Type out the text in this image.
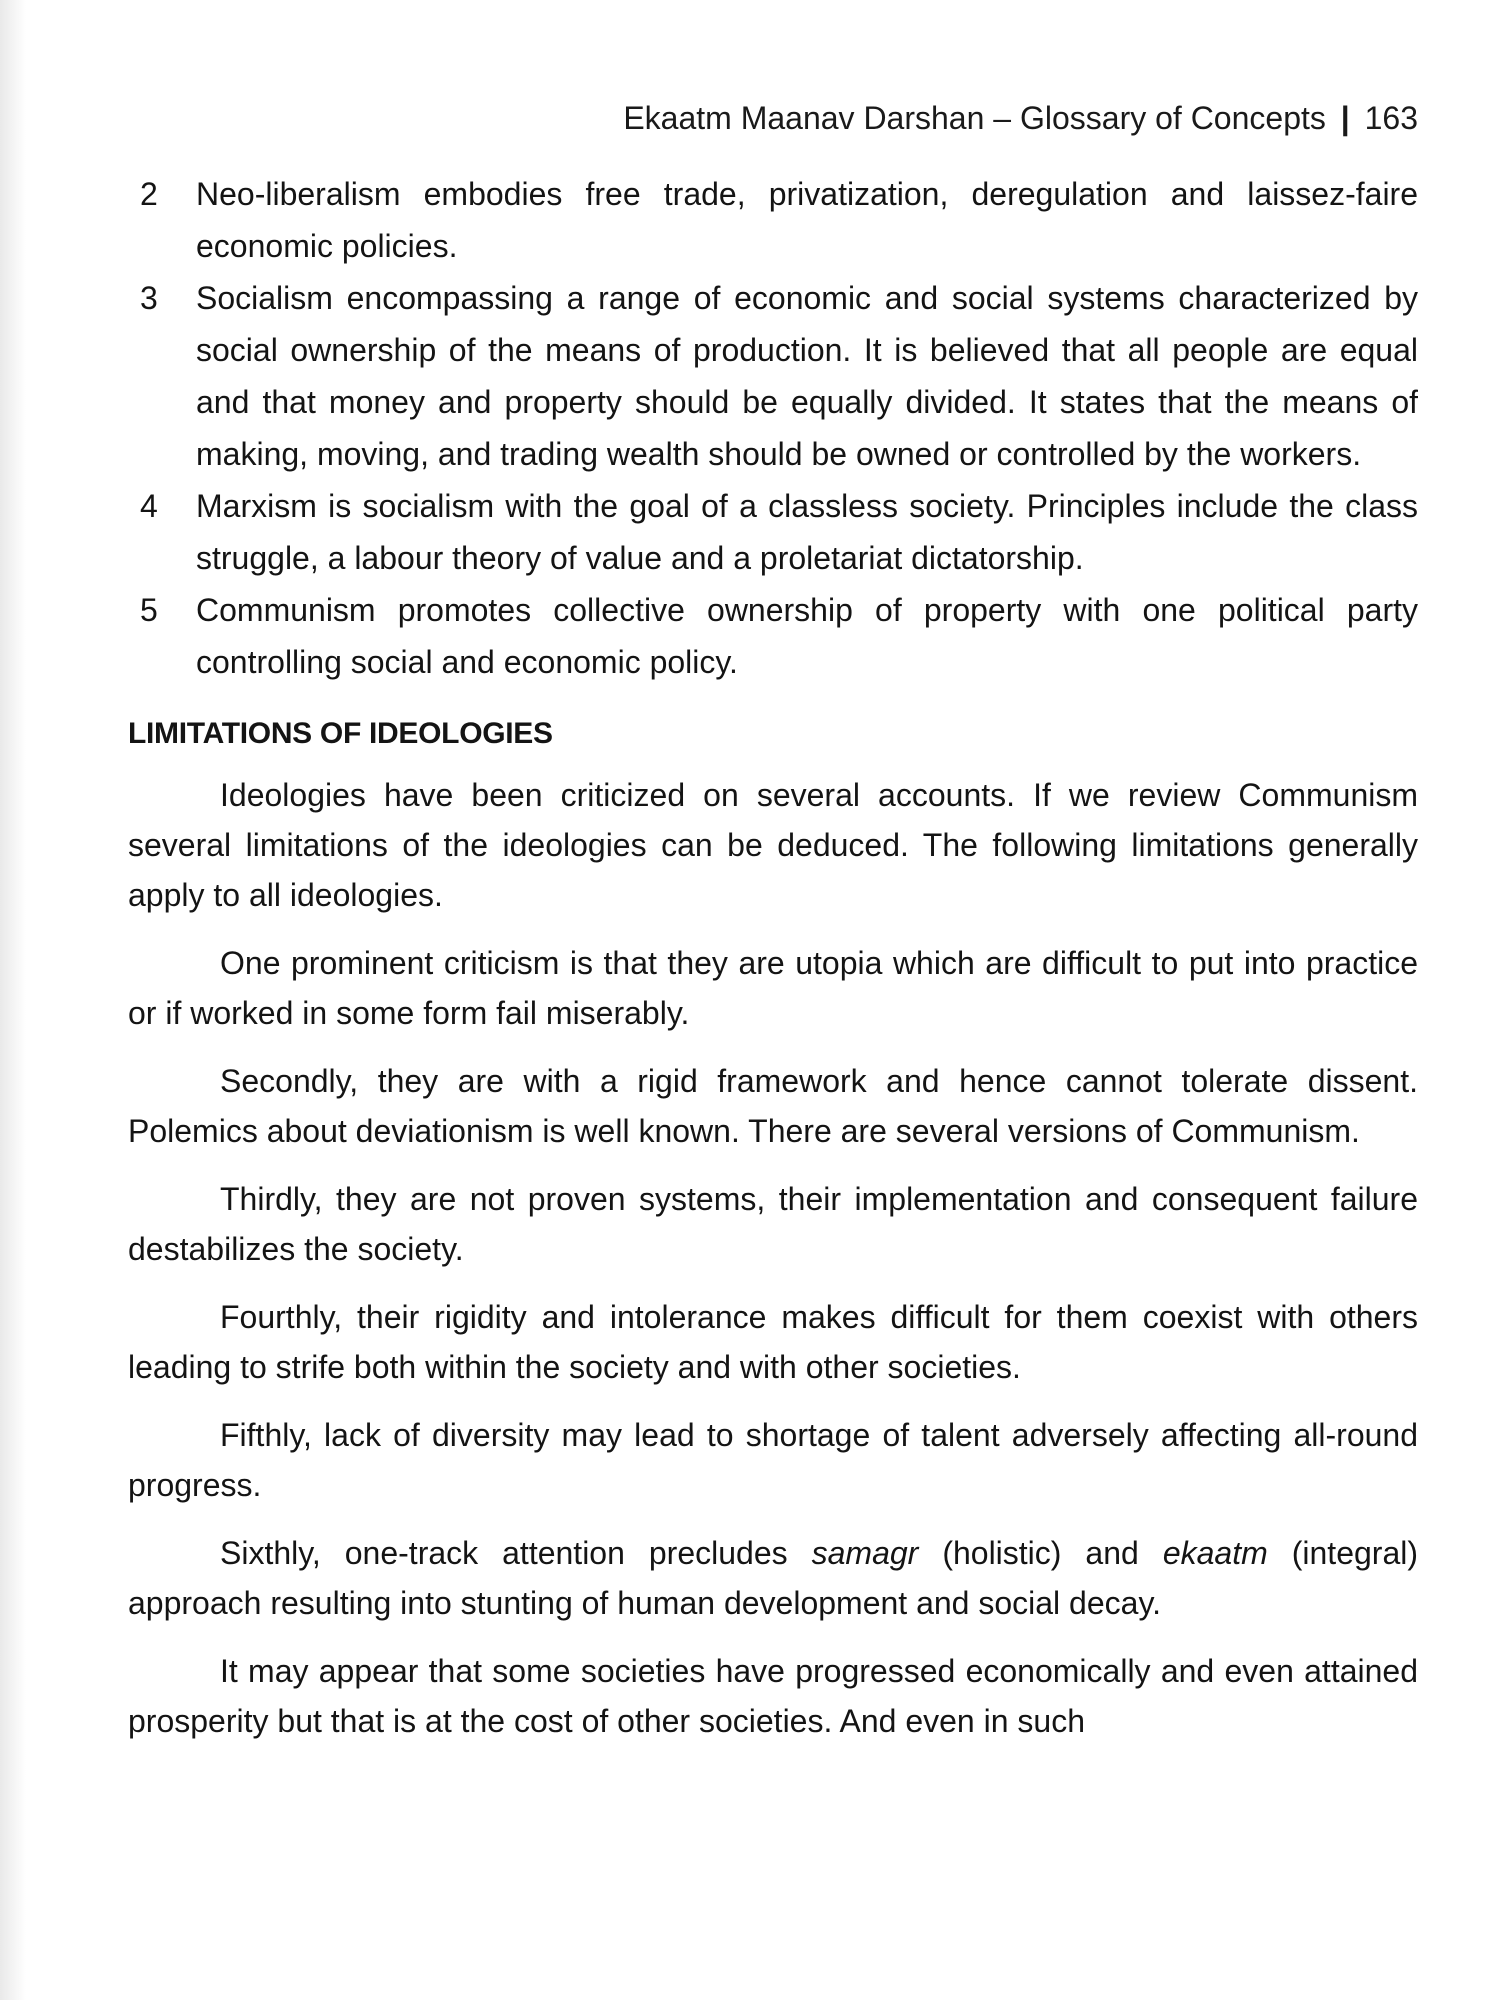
Ekaatm Maanav Darshan – Glossary of Concepts | 163
2	Neo-liberalism embodies free trade, privatization, deregulation and laissez-faire economic policies.
3	Socialism encompassing a range of economic and social systems characterized by social ownership of the means of production. It is believed that all people are equal and that money and property should be equally divided. It states that the means of making, moving, and trading wealth should be owned or controlled by the workers.
4	Marxism is socialism with the goal of a classless society. Principles include the class struggle, a labour theory of value and a proletariat dictatorship.
5	Communism promotes collective ownership of property with one political party controlling social and economic policy.
LIMITATIONS OF IDEOLOGIES

Ideologies have been criticized on several accounts. If we review Communism several limitations of the ideologies can be deduced. The following limitations generally apply to all ideologies.

One prominent criticism is that they are utopia which are difficult to put into practice or if worked in some form fail miserably.

Secondly, they are with a rigid framework and hence cannot tolerate dissent. Polemics about deviationism is well known. There are several versions of Communism.

Thirdly, they are not proven systems, their implementation and consequent failure destabilizes the society.

Fourthly, their rigidity and intolerance makes difficult for them coexist with others leading to strife both within the society and with other societies.

Fifthly, lack of diversity may lead to shortage of talent adversely affecting all-round progress.

Sixthly, one-track attention precludes samagr (holistic) and ekaatm (integral) approach resulting into stunting of human development and social decay.

It may appear that some societies have progressed economically and even attained prosperity but that is at the cost of other societies. And even in such
